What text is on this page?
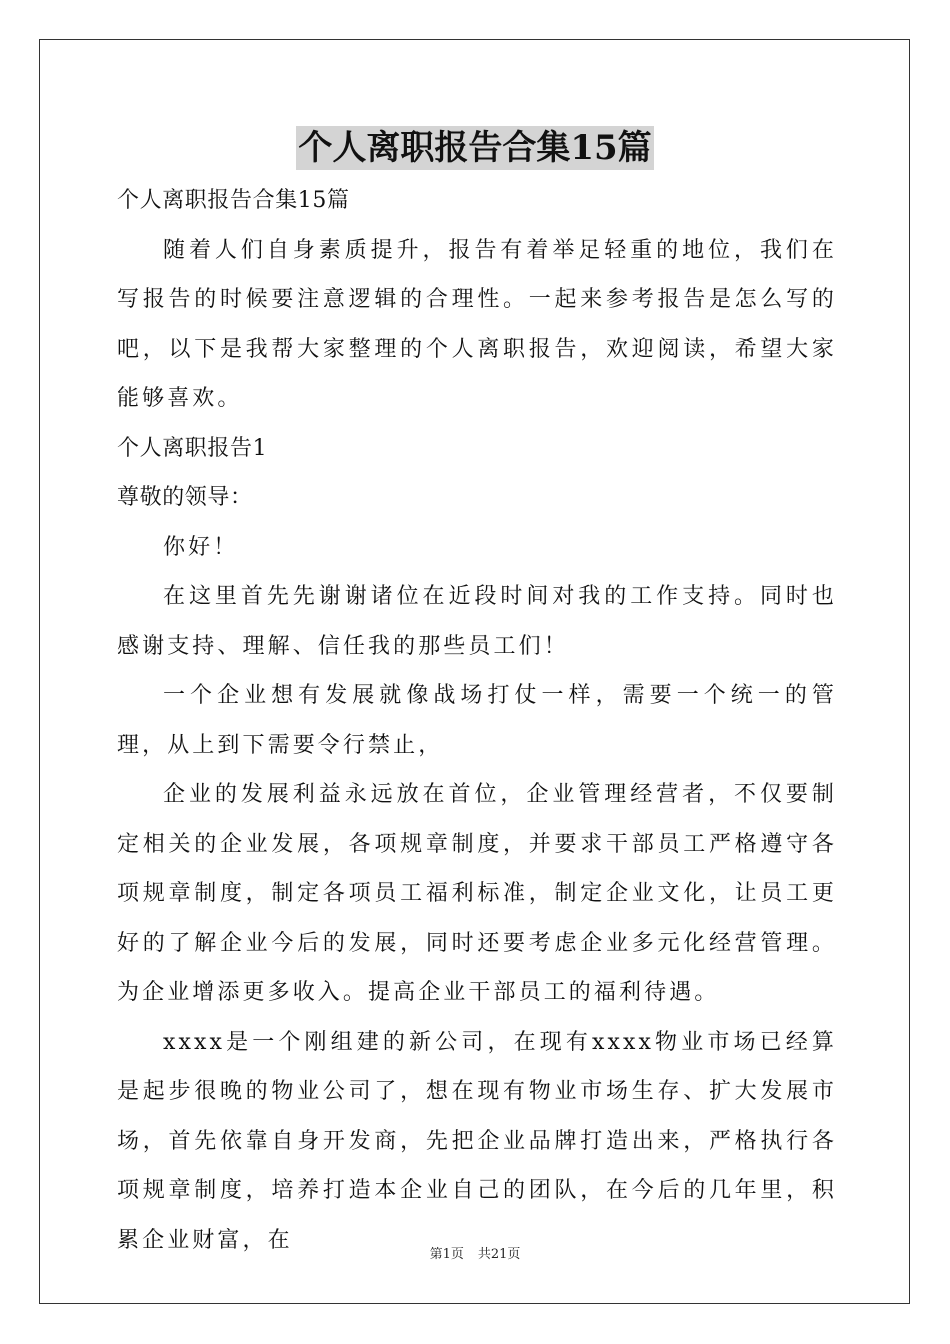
个人离职报告合集15篇

个人离职报告合集15篇

随着人们自身素质提升，报告有着举足轻重的地位，我们在写报告的时候要注意逻辑的合理性。一起来参考报告是怎么写的吧，以下是我帮大家整理的个人离职报告，欢迎阅读，希望大家能够喜欢。

个人离职报告1

尊敬的领导：

你好！

在这里首先先谢谢诸位在近段时间对我的工作支持。同时也感谢支持、理解、信任我的那些员工们！

一个企业想有发展就像战场打仗一样，需要一个统一的管理，从上到下需要令行禁止，

企业的发展利益永远放在首位，企业管理经营者，不仅要制定相关的企业发展，各项规章制度，并要求干部员工严格遵守各项规章制度，制定各项员工福利标准，制定企业文化，让员工更好的了解企业今后的发展，同时还要考虑企业多元化经营管理。为企业增添更多收入。提高企业干部员工的福利待遇。

xxxx是一个刚组建的新公司，在现有xxxx物业市场已经算是起步很晚的物业公司了，想在现有物业市场生存、扩大发展市场，首先依靠自身开发商，先把企业品牌打造出来，严格执行各项规章制度，培养打造本企业自己的团队，在今后的几年里，积累企业财富，在

第1页 共21页
